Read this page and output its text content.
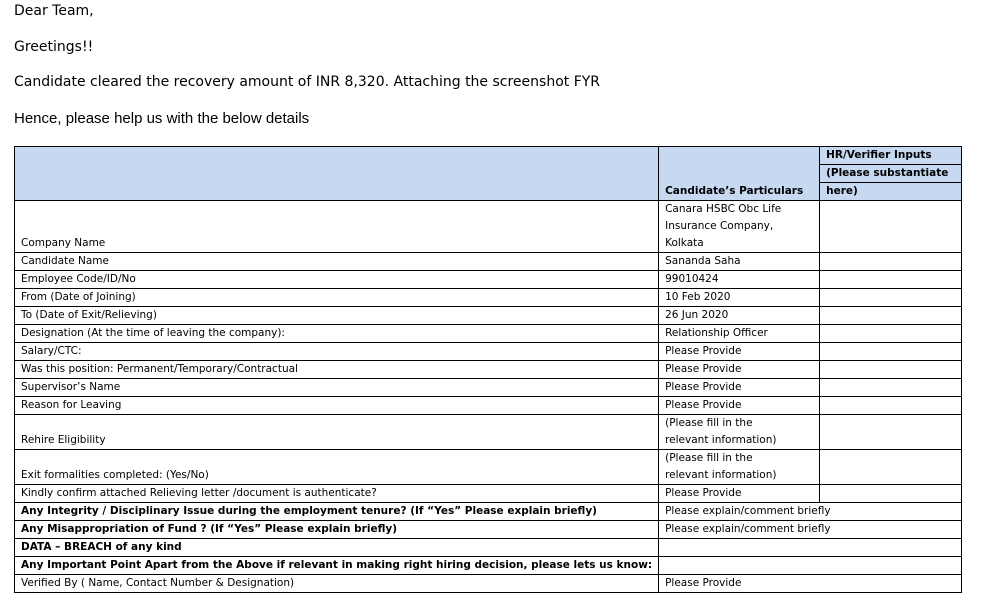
Dear Team,
Greetings!!
Candidate cleared the recovery amount of INR 8,320. Attaching the screenshot FYR
Hence, please help us with the below details
	Candidate’s Particulars	HR/Verifier Inputs
(Please substantiate
here)

Company Name	Canara HSBC Obc Life
Insurance Company, Kolkata	

Candidate Name	Sananda Saha	
Employee Code/ID/No	99010424	
From (Date of Joining)	10 Feb 2020	
To (Date of Exit/Relieving)	26 Jun 2020	
Designation (At the time of leaving the company):	Relationship Officer	
Salary/CTC:	Please Provide	
Was this position: Permanent/Temporary/Contractual	Please Provide	
Supervisor’s Name	Please Provide	
Reason for Leaving	Please Provide	
Rehire Eligibility	(Please fill in the
relevant information)	

Exit formalities completed: (Yes/No)	(Please fill in the
relevant information)	

Kindly confirm attached Relieving letter /document is authenticate?	Please Provide	
Any Integrity / Disciplinary Issue during the employment tenure? (If “Yes” Please explain briefly)	Please explain/comment briefly	
Any Misappropriation of Fund ? (If “Yes” Please explain briefly)	Please explain/comment briefly	
DATA – BREACH of any kind		
Any Important Point Apart from the Above if relevant in making right hiring decision, please lets us know:		
Verified By ( Name, Contact Number & Designation)	Please Provide	
